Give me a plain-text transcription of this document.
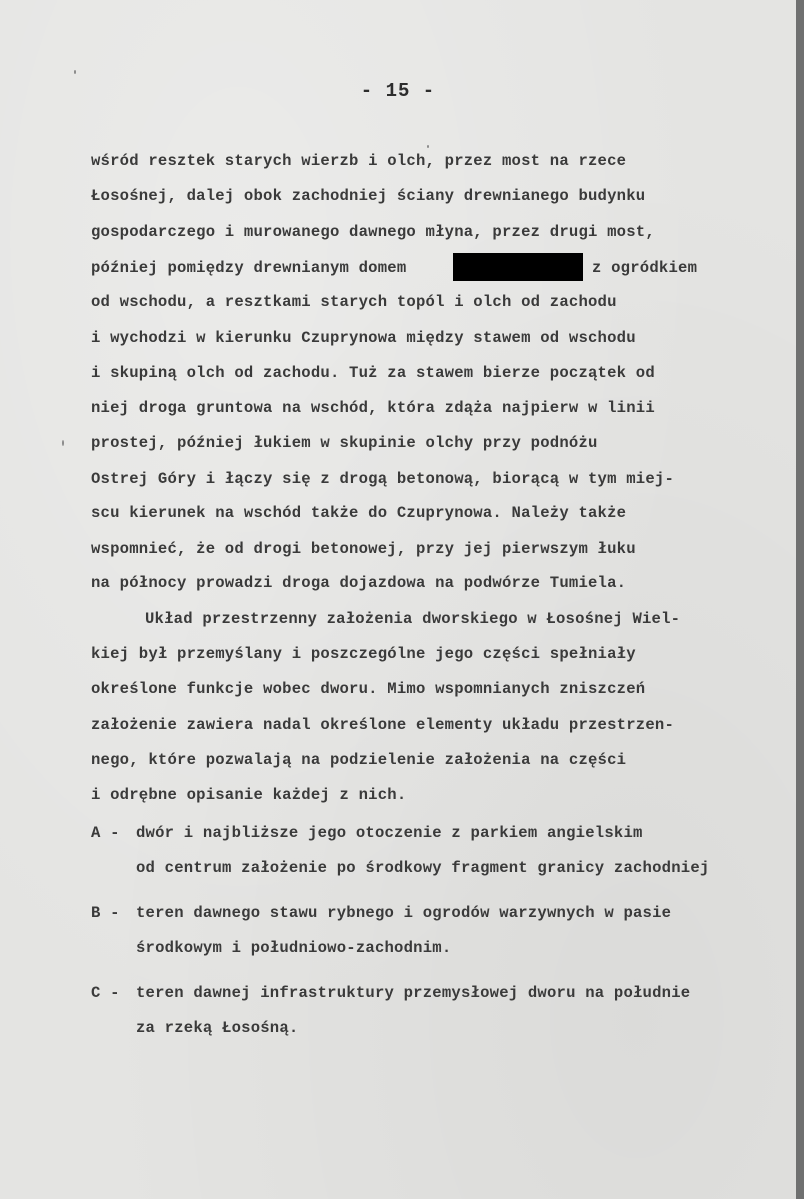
- 15 -
wśród resztek starych wierzb i olch, przez most na rzece
Łosośnej, dalej obok zachodniej ściany drewnianego budynku
gospodarczego i murowanego dawnego młyna, przez drugi most,
później pomiędzy drewnianym domem	z ogródkiem
od wschodu, a resztkami starych topól i olch od zachodu
i wychodzi w kierunku Czuprynowa między stawem od wschodu
i skupiną olch od zachodu. Tuż za stawem bierze początek od
niej droga gruntowa na wschód, która zdąża najpierw w linii
prostej, później łukiem w skupinie olchy przy podnóżu
Ostrej Góry i łączy się z drogą betonową, biorącą w tym miej-
scu kierunek na wschód także do Czuprynowa. Należy także
wspomnieć, że od drogi betonowej, przy jej pierwszym łuku
na północy prowadzi droga dojazdowa na podwórze Tumiela.
Układ przestrzenny założenia dworskiego w Łosośnej Wiel-
kiej był przemyślany i poszczególne jego części spełniały
określone funkcje wobec dworu. Mimo wspomnianych zniszczeń
założenie zawiera nadal określone elementy układu przestrzen-
nego, które pozwalają na podzielenie założenia na części
i odrębne opisanie każdej z nich.
A - dwór i najbliższe jego otoczenie z parkiem angielskim
od centrum założenie po środkowy fragment granicy zachodniej
B - teren dawnego stawu rybnego i ogrodów warzywnych w pasie
środkowym i południowo-zachodnim.
C - teren dawnej infrastruktury przemysłowej dworu na południe
za rzeką Łosośną.
